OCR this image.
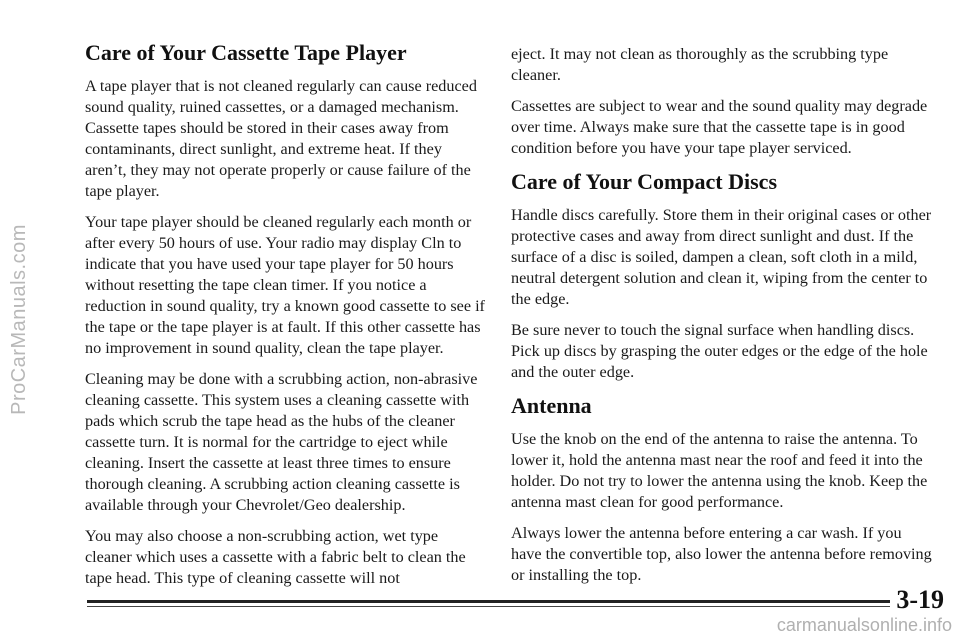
ProCarManuals.com
Care of Your Cassette Tape Player

A tape player that is not cleaned regularly can cause reduced sound quality, ruined cassettes, or a damaged mechanism. Cassette tapes should be stored in their cases away from contaminants, direct sunlight, and extreme heat. If they aren’t, they may not operate properly or cause failure of the tape player.

Your tape player should be cleaned regularly each month or after every 50 hours of use. Your radio may display Cln to indicate that you have used your tape player for 50 hours without resetting the tape clean timer. If you notice a reduction in sound quality, try a known good cassette to see if the tape or the tape player is at fault. If this other cassette has no improvement in sound quality, clean the tape player.

Cleaning may be done with a scrubbing action, non-abrasive cleaning cassette. This system uses a cleaning cassette with pads which scrub the tape head as the hubs of the cleaner cassette turn. It is normal for the cartridge to eject while cleaning. Insert the cassette at least three times to ensure thorough cleaning. A scrubbing action cleaning cassette is available through your Chevrolet/Geo dealership.

You may also choose a non-scrubbing action, wet type cleaner which uses a cassette with a fabric belt to clean the tape head. This type of cleaning cassette will not

eject. It may not clean as thoroughly as the scrubbing type cleaner.

Cassettes are subject to wear and the sound quality may degrade over time. Always make sure that the cassette tape is in good condition before you have your tape player serviced.

Care of Your Compact Discs

Handle discs carefully. Store them in their original cases or other protective cases and away from direct sunlight and dust. If the surface of a disc is soiled, dampen a clean, soft cloth in a mild, neutral detergent solution and clean it, wiping from the center to the edge.

Be sure never to touch the signal surface when handling discs. Pick up discs by grasping the outer edges or the edge of the hole and the outer edge.

Antenna

Use the knob on the end of the antenna to raise the antenna. To lower it, hold the antenna mast near the roof and feed it into the holder. Do not try to lower the antenna using the knob. Keep the antenna mast clean for good performance.

Always lower the antenna before entering a car wash. If you have the convertible top, also lower the antenna before removing or installing the top.

3-19
carmanualsonline.info
